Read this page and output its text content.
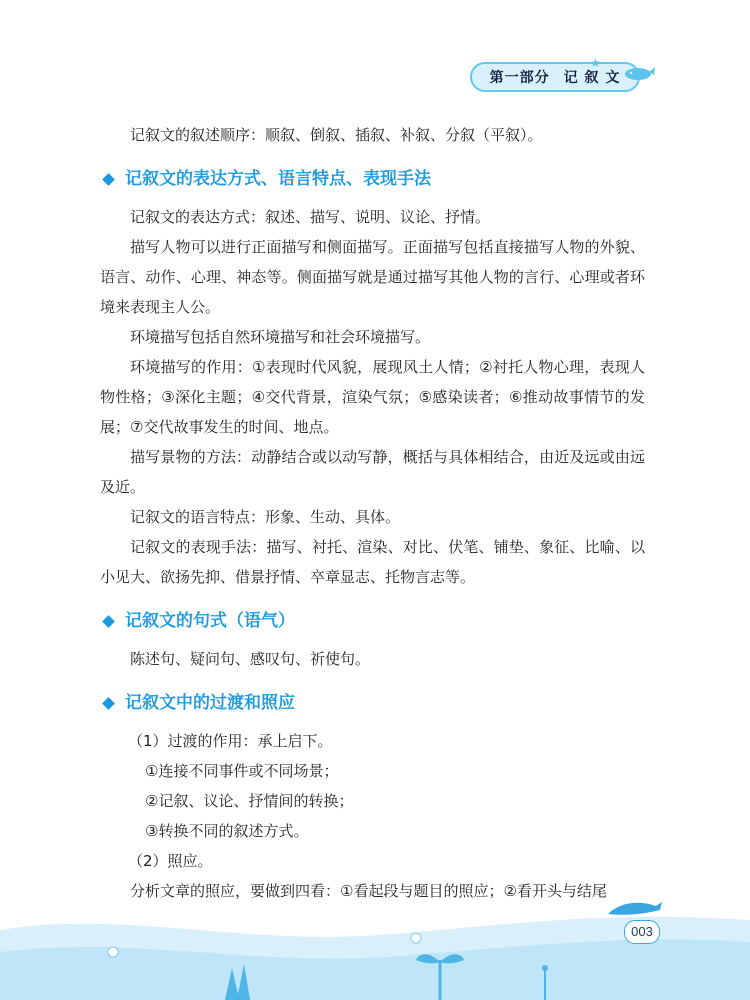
第一部分 记 叙 文
★

记叙文的叙述顺序：顺叙、倒叙、插叙、补叙、分叙（平叙）。

记叙文的表达方式、语言特点、表现手法

记叙文的表达方式：叙述、描写、说明、议论、抒情。

描写人物可以进行正面描写和侧面描写。正面描写包括直接描写人物的外貌、语言、动作、心理、神态等。侧面描写就是通过描写其他人物的言行、心理或者环境来表现主人公。

环境描写包括自然环境描写和社会环境描写。

环境描写的作用：①表现时代风貌，展现风土人情；②衬托人物心理，表现人物性格；③深化主题；④交代背景，渲染气氛；⑤感染读者；⑥推动故事情节的发展；⑦交代故事发生的时间、地点。

描写景物的方法：动静结合或以动写静，概括与具体相结合，由近及远或由远及近。

记叙文的语言特点：形象、生动、具体。

记叙文的表现手法：描写、衬托、渲染、对比、伏笔、铺垫、象征、比喻、以小见大、欲扬先抑、借景抒情、卒章显志、托物言志等。

记叙文的句式（语气）

陈述句、疑问句、感叹句、祈使句。

记叙文中的过渡和照应

（1）过渡的作用：承上启下。

①连接不同事件或不同场景；

②记叙、议论、抒情间的转换；

③转换不同的叙述方式。

（2）照应。

分析文章的照应，要做到四看：①看起段与题目的照应；②看开头与结尾

003
